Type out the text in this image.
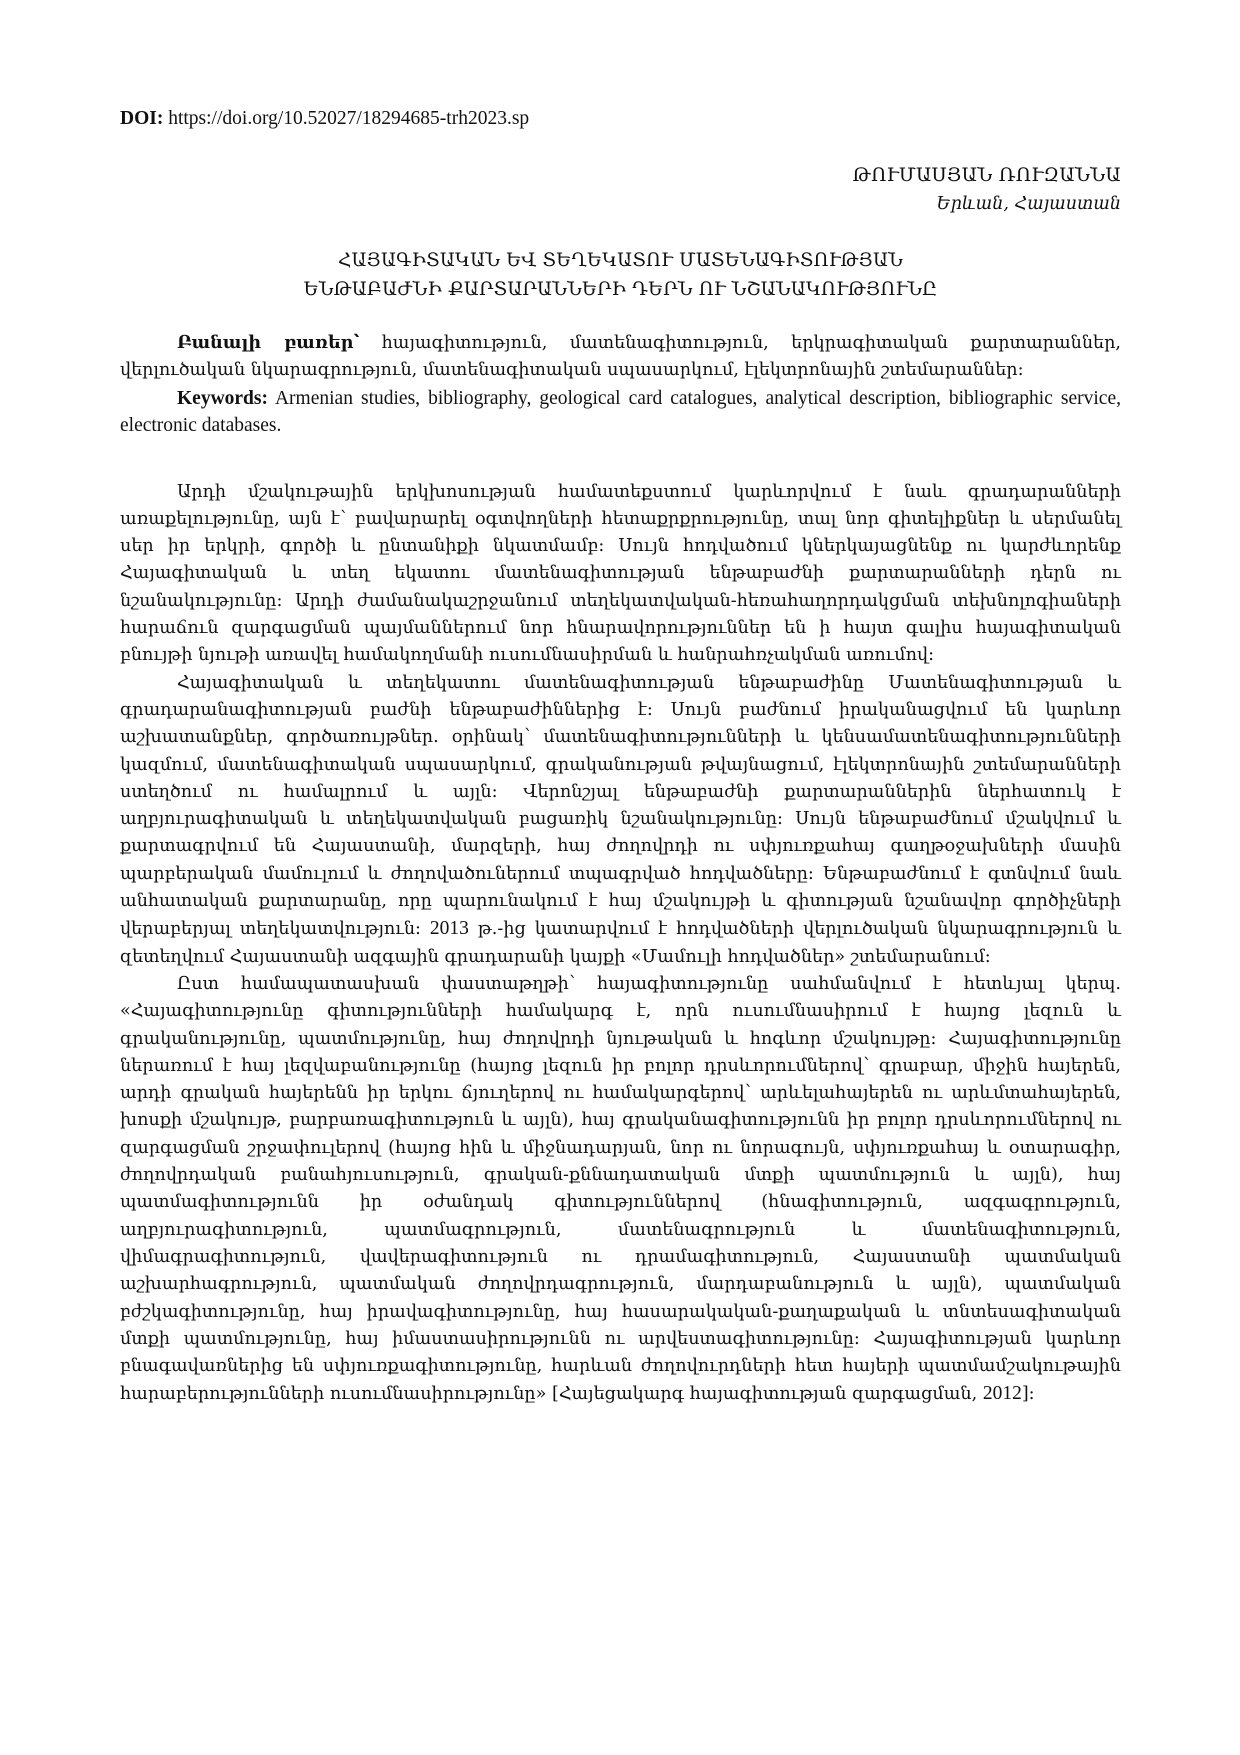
DOI: https://doi.org/10.52027/18294685-trh2023.sp

ԹՈՒՄԱՍՅԱՆ ՌՈՒԶԱՆՆԱ

Երևան, Հայաստան

ՀԱՅԱԳԻՏԱԿԱՆ ԵՎ ՏԵՂԵԿԱՏՈՒ ՄԱՏԵՆԱԳԻՏՈՒԹՅԱՆ
ԵՆԹԱԲԱԺՆԻ ՔԱՐՏԱՐԱՆՆԵՐԻ ԴԵՐՆ ՈՒ ՆՇԱՆԱԿՈՒԹՅՈՒՆԸ

Բանալի բառեր՝ հայագիտություն, մատենագիտություն, երկրագիտական քարտարաններ, վերլուծական նկարագրություն, մատենագիտական սպասարկում, էլեկտրոնային շտեմարաններ:

Keywords: Armenian studies, bibliography, geological card catalogues, analytical description, bibliographic service, electronic databases.

Արդի մշակութային երկխոսության համատեքստում կարևորվում է նաև գրադարանների առաքելությունը, այն է՝ բավարարել օգտվողների հետաքրքրությունը, տալ նոր գիտելիքներ և սերմանել սեր իր երկրի, գործի և ընտանիքի նկատմամբ: Սույն հոդվածում կներկայացնենք ու կարժևորենք Հայագիտական և տեղ եկատու մատենագիտության ենթաբաժնի քարտարանների դերն ու նշանակությունը: Արդի ժամանակաշրջանում տեղեկատվական-հեռահաղորդակցման տեխնոլոգիաների հարաճուն զարգացման պայմաններում նոր հնարավորություններ են ի հայտ գալիս հայագիտական բնույթի նյութի առավել համակողմանի ուսումնասիրման և հանրահռչակման առումով:

Հայագիտական և տեղեկատու մատենագիտության ենթաբաժինը Մատենագիտության և գրադարանագիտության բաժնի ենթաբաժիններից է: Սույն բաժնում իրականացվում են կարևոր աշխատանքներ, գործառույթներ. օրինակ՝ մատենագիտությունների և կենսամատենագիտությունների կազմում, մատենագիտական սպասարկում, գրականության թվայնացում, էլեկտրոնային շտեմարանների ստեղծում ու համալրում և այլն: Վերոնշյալ ենթաբաժնի քարտարաններին ներհատուկ է աղբյուրագիտական և տեղեկատվական բացառիկ նշանակությունը: Սույն ենթաբաժնում մշակվում և քարտագրվում են Հայաստանի, մարզերի, հայ ժողովրդի ու սփյուռքահայ գաղթօջախների մասին պարբերական մամուլում և ժողովածուներում տպագրված հոդվածները: Ենթաբաժնում է գտնվում նաև անհատական քարտարանը, որը պարունակում է հայ մշակույթի և գիտության նշանավոր գործիչների վերաբերյալ տեղեկատվություն: 2013 թ.-ից կատարվում է հոդվածների վերլուծական նկարագրություն և զետեղվում Հայաստանի ազգային գրադարանի կայքի «Մամուլի հոդվածներ» շտեմարանում:

Ըստ համապատասխան փաստաթղթի՝ հայագիտությունը սահմանվում է հետևյալ կերպ. «Հայագիտությունը գիտությունների համակարգ է, որն ուսումնասիրում է հայոց լեզուն և գրականությունը, պատմությունը, հայ ժողովրդի նյութական և հոգևոր մշակույթը: Հայագիտությունը ներառում է հայ լեզվաբանությունը (հայոց լեզուն իր բոլոր դրսևորումներով՝ գրաբար, միջին հայերեն, արդի գրական հայերենն իր երկու ճյուղերով ու համակարգերով՝ արևելահայերեն ու արևմտահայերեն, խոսքի մշակույթ, բարբառագիտություն և այլն), հայ գրականագիտությունն իր բոլոր դրսևորումներով ու զարգացման շրջափուլերով (հայոց հին և միջնադարյան, նոր ու նորագույն, սփյուռքահայ և օտարագիր, ժողովրդական բանահյուսություն, գրական-քննադատական մտքի պատմություն և այլն), հայ պատմագիտությունն իր օժանդակ գիտություններով (հնագիտություն, ազգագրություն, աղբյուրագիտություն, պատմագրություն, մատենագրություն և մատենագիտություն, վիմագրագիտություն, վավերագիտություն ու դրամագիտություն, Հայաստանի պատմական աշխարհագրություն, պատմական ժողովրդագրություն, մարդաբանություն և այլն), պատմական բժշկագիտությունը, հայ իրավագիտությունը, հայ հասարակական-քաղաքական և տնտեսագիտական մտքի պատմությունը, հայ իմաստասիրությունն ու արվեստագիտությունը: Հայագիտության կարևոր բնագավառներից են սփյուռքագիտությունը, հարևան ժողովուրդների հետ հայերի պատմամշակութային հարաբերությունների ուսումնասիրությունը» [Հայեցակարգ հայագիտության զարգացման, 2012]:
